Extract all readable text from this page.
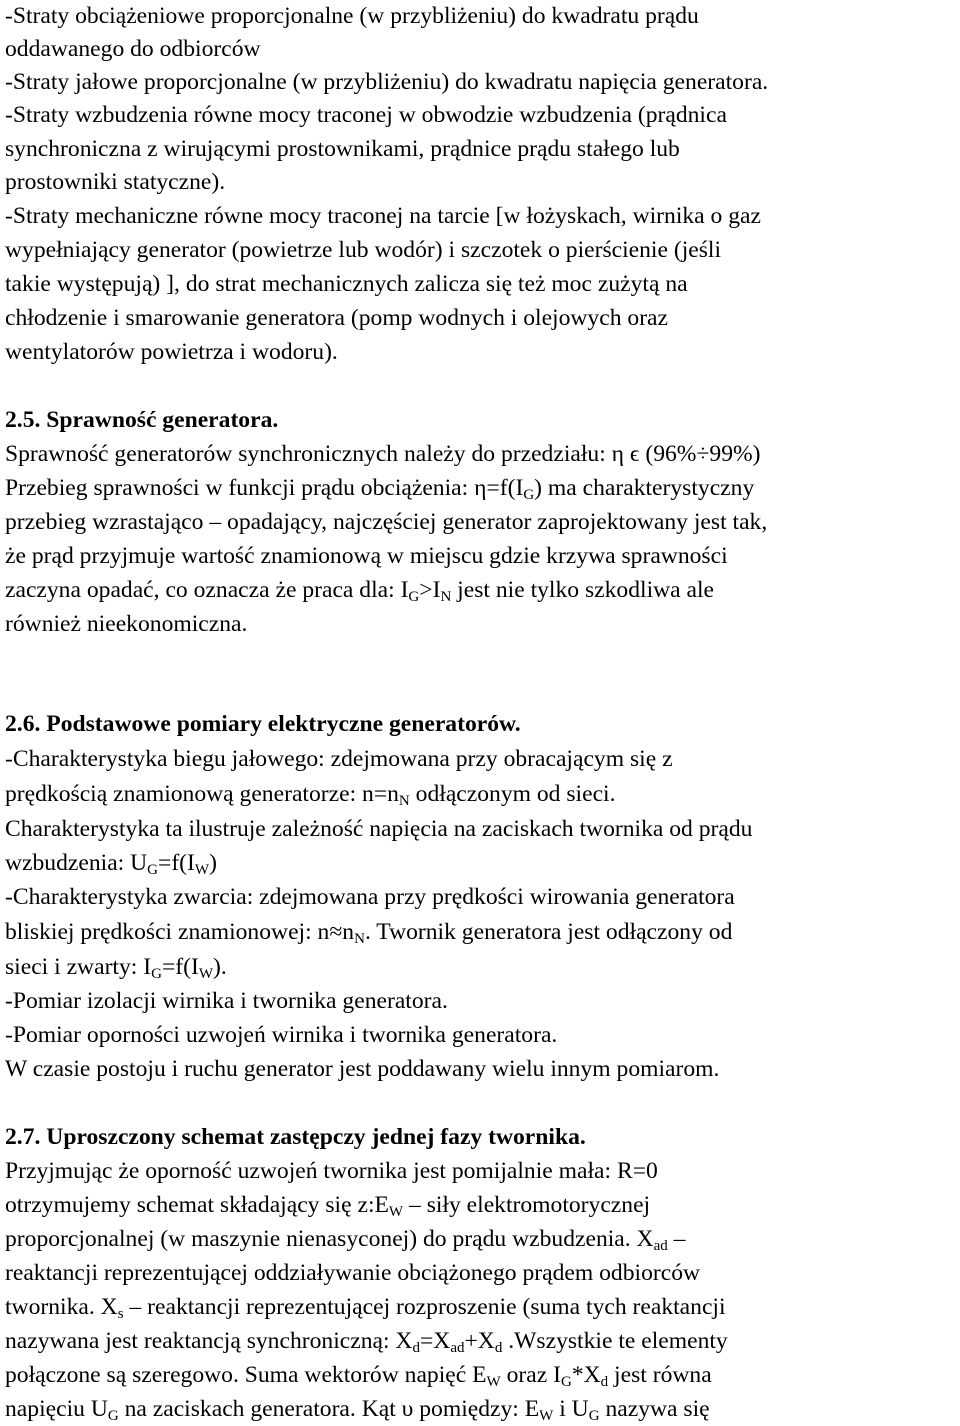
-Straty obciążeniowe proporcjonalne (w przybliżeniu) do kwadratu prądu
oddawanego do odbiorców
-Straty jałowe proporcjonalne (w przybliżeniu) do kwadratu napięcia generatora.
-Straty wzbudzenia równe mocy traconej w obwodzie wzbudzenia (prądnica
synchroniczna z wirującymi prostownikami, prądnice prądu stałego lub
prostowniki statyczne).
-Straty mechaniczne równe mocy traconej na tarcie [w łożyskach, wirnika o gaz
wypełniający generator (powietrze lub wodór) i szczotek o pierścienie (jeśli
takie występują) ], do strat mechanicznych zalicza się też moc zużytą na
chłodzenie i smarowanie generatora (pomp wodnych i olejowych oraz
wentylatorów powietrza i wodoru).
2.5. Sprawność generatora.
Sprawność generatorów synchronicznych należy do przedziału: η ϵ (96%÷99%)
Przebieg sprawności w funkcji prądu obciążenia: $\eta=f(I_G)$ ma charakterystyczny
przebieg wzrastająco – opadający, najczęściej generator zaprojektowany jest tak,
że prąd przyjmuje wartość znamionową w miejscu gdzie krzywa sprawności
zaczyna opadać, co oznacza że praca dla: $I_G>I_N$ jest nie tylko szkodliwa ale
również nieekonomiczna.
2.6. Podstawowe pomiary elektryczne generatorów.
-Charakterystyka biegu jałowego: zdejmowana przy obracającym się z
prędkością znamionową generatorze: $n=n_N$ odłączonym od sieci.
Charakterystyka ta ilustruje zależność napięcia na zaciskach twornika od prądu
wzbudzenia: $U_G=f(I_W)$
-Charakterystyka zwarcia: zdejmowana przy prędkości wirowania generatora
bliskiej prędkości znamionowej: $n\approx n_N$. Twornik generatora jest odłączony od
sieci i zwarty: $I_G=f(I_W)$.
-Pomiar izolacji wirnika i twornika generatora.
-Pomiar oporności uzwojeń wirnika i twornika generatora.
W czasie postoju i ruchu generator jest poddawany wielu innym pomiarom.
2.7. Uproszczony schemat zastępczy jednej fazy twornika.
Przyjmując że oporność uzwojeń twornika jest pomijalnie mała: R=0
otrzymujemy schemat składający się $z:E_W$ – siły elektromotorycznej
proporcjonalnej (w maszynie nienasyconej) do prądu wzbudzenia. $X_{ad}$ –
reaktancji reprezentującej oddziaływanie obciążonego prądem odbiorców
twornika. $X_s$ – reaktancji reprezentującej rozproszenie (suma tych reaktancji
nazywana jest reaktancją synchroniczną: $X_d=X_{ad}+X_d$ .Wszystkie te elementy
połączone są szeregowo. Suma wektorów napięć $E_W$ oraz $I_G*X_d$ jest równa
napięciu $U_G$ na zaciskach generatora. Kąt υ pomiędzy: $E_W$ i $U_G$ nazywa się
